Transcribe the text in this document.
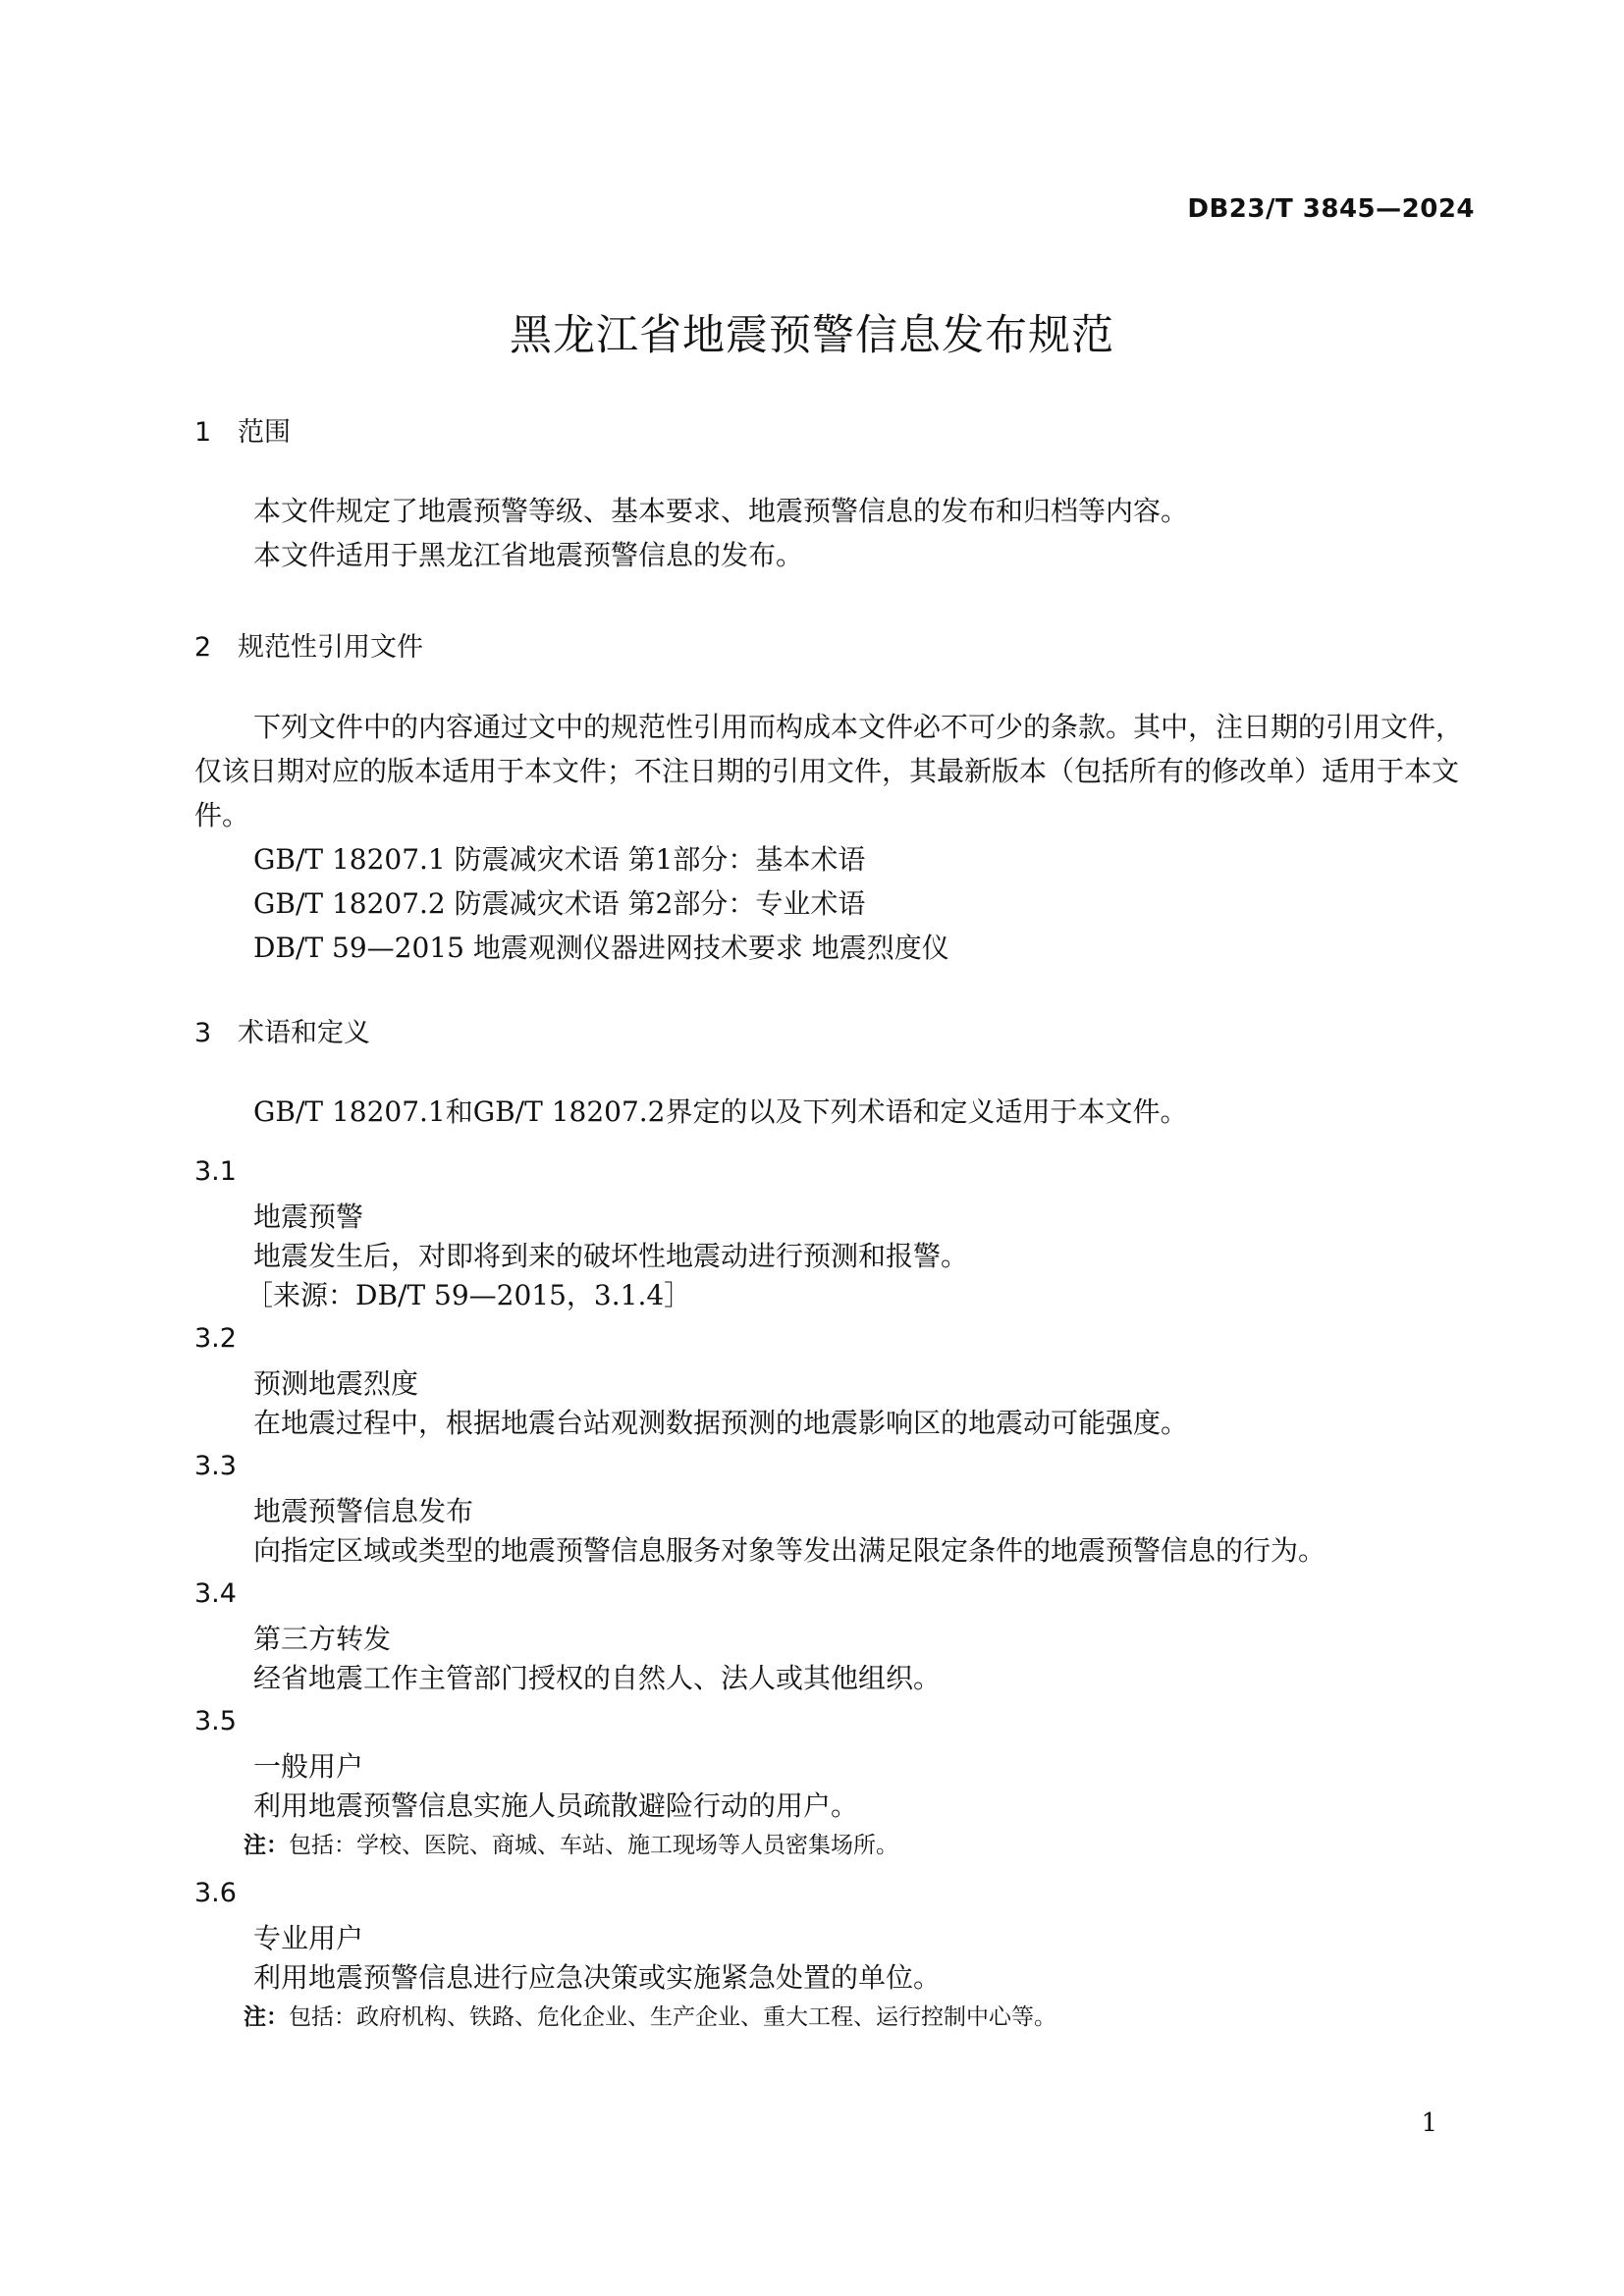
DB23/T 3845—2024
黑龙江省地震预警信息发布规范
1 范围
本文件规定了地震预警等级、基本要求、地震预警信息的发布和归档等内容。
本文件适用于黑龙江省地震预警信息的发布。
2 规范性引用文件
下列文件中的内容通过文中的规范性引用而构成本文件必不可少的条款。其中，注日期的引用文件，仅该日期对应的版本适用于本文件；不注日期的引用文件，其最新版本（包括所有的修改单）适用于本文件。
GB/T 18207.1 防震减灾术语 第1部分：基本术语
GB/T 18207.2 防震减灾术语 第2部分：专业术语
DB/T 59—2015 地震观测仪器进网技术要求 地震烈度仪
3 术语和定义
GB/T 18207.1和GB/T 18207.2界定的以及下列术语和定义适用于本文件。
3.1
地震预警
地震发生后，对即将到来的破坏性地震动进行预测和报警。
［来源：DB/T 59—2015，3.1.4］
3.2
预测地震烈度
在地震过程中，根据地震台站观测数据预测的地震影响区的地震动可能强度。
3.3
地震预警信息发布
向指定区域或类型的地震预警信息服务对象等发出满足限定条件的地震预警信息的行为。
3.4
第三方转发
经省地震工作主管部门授权的自然人、法人或其他组织。
3.5
一般用户
利用地震预警信息实施人员疏散避险行动的用户。
注：包括：学校、医院、商城、车站、施工现场等人员密集场所。
3.6
专业用户
利用地震预警信息进行应急决策或实施紧急处置的单位。
注：包括：政府机构、铁路、危化企业、生产企业、重大工程、运行控制中心等。
1
